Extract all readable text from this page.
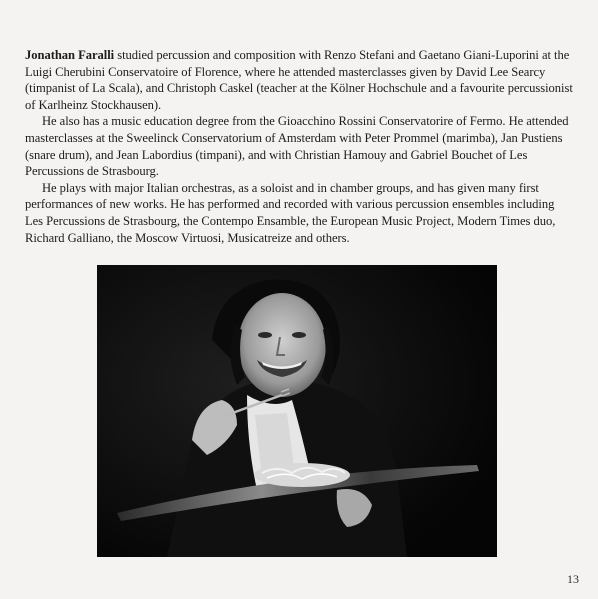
Jonathan Faralli studied percussion and composition with Renzo Stefani and Gaetano Giani-Luporini at the Luigi Cherubini Conservatoire of Florence, where he attended masterclasses given by David Lee Searcy (timpanist of La Scala), and Christoph Caskel (teacher at the Kölner Hochschule and a favourite percussionist of Karlheinz Stockhausen).

He also has a music education degree from the Gioacchino Rossini Conservatorire of Fermo. He attended masterclasses at the Sweelinck Conservatorium of Amsterdam with Peter Prommel (marimba), Jan Pustiens (snare drum), and Jean Labordius (timpani), and with Christian Hamouy and Gabriel Bouchet of Les Percussions de Strasbourg.

He plays with major Italian orchestras, as a soloist and in chamber groups, and has given many first performances of new works. He has performed and recorded with various percussion ensembles including Les Percussions de Strasbourg, the Contempo Ensamble, the European Music Project, Modern Times duo, Richard Galliano, the Moscow Virtuosi, Musicatreize and others.

13
